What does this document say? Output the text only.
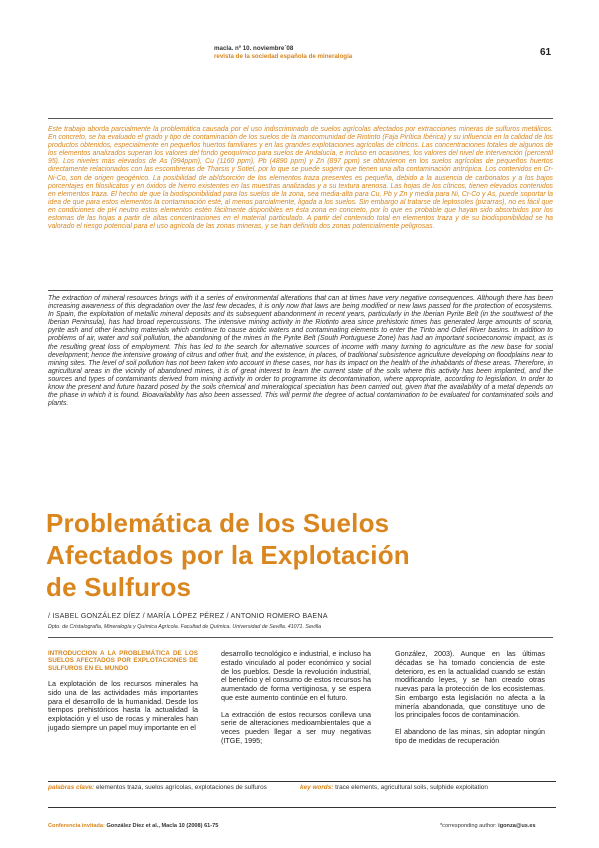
macla. nº 10. noviembre´08
revista de la sociedad española de mineralogía	61
Este trabajo aborda parcialmente la problemática causada por el uso indiscriminado de suelos agrícolas afectados por extracciones mineras de sulfuros metálicos. En concreto, se ha evaluado el grado y tipo de contaminación de los suelos de la mancomunidad de Riotinto (Faja Pirítica Ibérica) y su influencia en la calidad de los productos obtenidos, especialmente en pequeños huertos familiares y en las grandes explotaciones agrícolas de cítricos. Las concentraciones totales de algunos de los elementos analizados superan los valores del fondo geoquímico para suelos de Andalucía, e incluso en ocasiones, los valores del nivel de intervención (percentil 95). Los niveles más elevados de As (994ppm), Cu (1160 ppm), Pb (4890 ppm) y Zn (897 ppm) se obtuvieron en los suelos agrícolas de pequeños huertos directamente relacionados con las escombreras de Tharsis y Sotiel, por lo que se puede sugerir que tienen una alta contaminación antrópica. Los contenidos en Cr-Ni-Co, son de origen geogénico. La posibilidad de ab/dsorción de los elementos traza presentes es pequeña, debido a la ausencia de carbonatos y a los bajos porcentajes en filosilicatos y en óxidos de hierro existentes en las muestras analizadas y a su textura arenosa. Las hojas de los cítricos, tienen elevados contenidos en elementos traza. El hecho de que la biodisponibilidad para los suelos de la zona, sea media-alta para Cu, Pb y Zn y media para Ni, Cr-Co y As, puede soportar la idea de que para estos elementos la contaminación esté, al menos parcialmente, ligada a los suelos. Sin embargo al tratarse de leptosoles (pizarras), no es fácil que en condiciones de pH neutro estos elementos estén fácilmente disponibles en ésta zona en concreto, por lo que es probable que hayan sido absorbidos por los estomas de las hojas a partir de altas concentraciones en el material particulado. A partir del contenido total en elementos traza y de su biodisponibilidad se ha valorado el riesgo potencial para el uso agrícola de las zonas mineras, y se han definido dos zonas potencialmente peligrosas.
The extraction of mineral resources brings with it a series of environmental alterations that can at times have very negative consequences. Although there has been increasing awareness of this degradation over the last few decades, it is only now that laws are being modified or new laws passed for the protection of ecosystems. In Spain, the exploitation of metallic mineral deposits and its subsequent abandonment in recent years, particularly in the Iberian Pyrite Belt (in the southwest of the Iberian Peninsula), has had broad repercussions. The intensive mining activity in the Riotinto area since prehistoric times has generated large amounts of scoria, pyrite ash and other leaching materials which continue to cause acidic waters and contaminating elements to enter the Tinto and Odiel River basins. In addition to problems of air, water and soil pollution, the abandoning of the mines in the Pyrite Belt (South Portuguese Zone) has had an important socioeconomic impact, as is the resulting great loss of employment. This has led to the search for alternative sources of income with many turning to agriculture as the new base for social development; hence the intensive growing of citrus and other fruit, and the existence, in places, of traditional subsistence agriculture developing on floodplains near to mining sites. The level of soil pollution has not been taken into account in these cases, nor has its impact on the health of the inhabitants of these areas. Therefore, in agricultural areas in the vicinity of abandoned mines, it is of great interest to learn the current state of the soils where this activity has been implanted, and the sources and types of contaminants derived from mining activity in order to programme its decontamination, where appropriate, according to legislation. In order to know the present and future hazard posed by the soils chemical and mineralogical speciation has been carried out, given that the availability of a metal depends on the phase in which it is found. Bioavailability has also been assessed. This will permit the degree of actual contamination to be evaluated for contaminated soils and plants.
Problemática de los Suelos
Afectados por la Explotación
de Sulfuros
/ ISABEL GONZÁLEZ DÍEZ / MARÍA LÓPEZ PÉREZ / ANTONIO ROMERO BAENA
Dpto. de Cristalografía, Mineralogía y Química Agrícola. Facultad de Química. Universidad de Sevilla. 41071. Sevilla

INTRODUCCION A LA PROBLEMÁTICA DE LOS SUELOS AFECTADOS POR EXPLOTACIONES DE SULFUROS EN EL MUNDO

La explotación de los recursos minerales ha sido una de las actividades más importantes para el desarrollo de la humanidad. Desde los tiempos prehistóricos hasta la actualidad la explotación y el uso de rocas y minerales han jugado siempre un papel muy importante en el

desarrollo tecnológico e industrial, e incluso ha estado vinculado al poder económico y social de los pueblos. Desde la revolución industrial, el beneficio y el consumo de estos recursos ha aumentado de forma vertiginosa, y se espera que este aumento continúe en el futuro.

La extracción de estos recursos conlleva una serie de alteraciones medioambientales que a veces pueden llegar a ser muy negativas (ITGE, 1995;

González, 2003). Aunque en las últimas décadas se ha tomado conciencia de este deterioro, es en la actualidad cuando se están modificando leyes, y se han creado otras nuevas para la protección de los ecosistemas. Sin embargo esta legislación no afecta a la minería abandonada, que constituye uno de los principales focos de contaminación.

El abandono de las minas, sin adoptar ningún tipo de medidas de recuperación

palabras clave: elementos traza, suelos agrícolas, explotaciones de sulfuros	key words: trace elements, agricultural soils, sulphide exploitation
Conferencia invitada: González Díez et al., Macla 10 (2008) 61-75	*corresponding author: igonza@us.es
